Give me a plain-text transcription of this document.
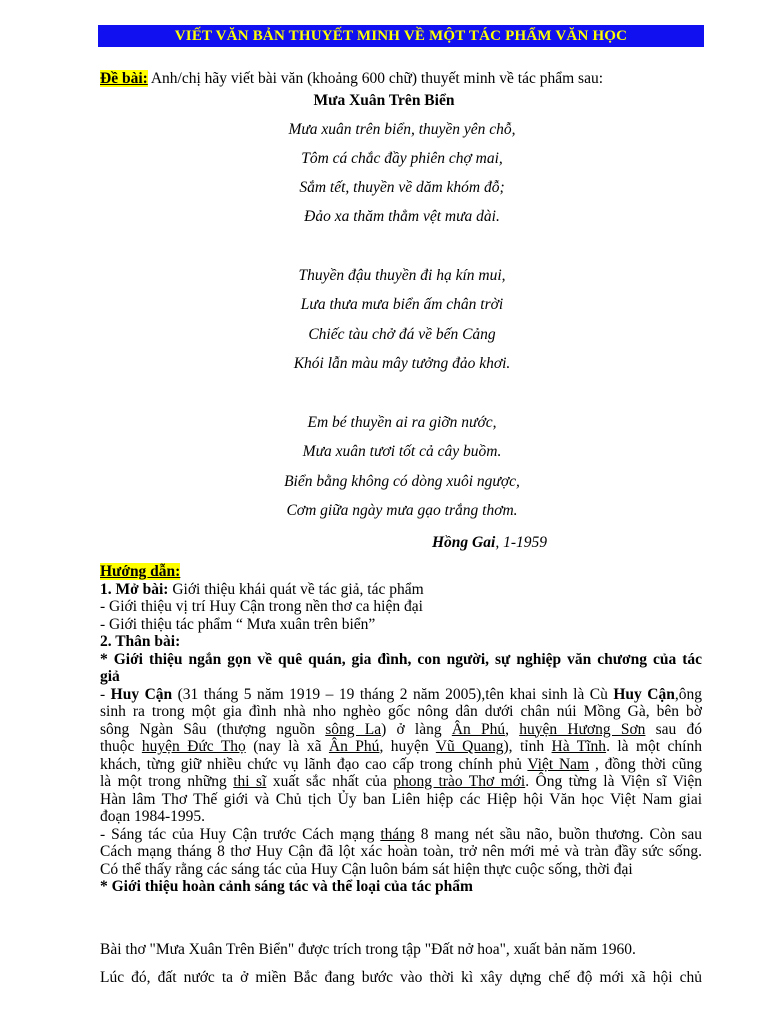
VIẾT VĂN BẢN THUYẾT MINH VỀ MỘT TÁC PHẨM VĂN HỌC
Đề bài: Anh/chị hãy viết bài văn (khoảng 600 chữ) thuyết minh về tác phẩm sau:
Mưa Xuân Trên Biển
Mưa xuân trên biển, thuyền yên chỗ,
Tôm cá chắc đầy phiên chợ mai,
Sắm tết, thuyền về dăm khóm đỗ;
Đảo xa thăm thẳm vệt mưa dài.
Thuyền đậu thuyền đi hạ kín mui,
Lưa thưa mưa biển ấm chân trời
Chiếc tàu chở đá về bến Cảng
Khói lẫn màu mây tưởng đảo khơi.
Em bé thuyền ai ra giỡn nước,
Mưa xuân tươi tốt cả cây buồm.
Biển bằng không có dòng xuôi ngược,
Cơm giữa ngày mưa gạo trắng thơm.
Hồng Gai, 1-1959
Hướng dẫn:
1. Mở bài: Giới thiệu khái quát về tác giả, tác phẩm
- Giới thiệu vị trí Huy Cận trong nền thơ ca hiện đại
- Giới thiệu tác phẩm “ Mưa xuân trên biển”
2. Thân bài:
* Giới thiệu ngắn gọn về quê quán, gia đình, con người, sự nghiệp văn chương của tác
giả
- Huy Cận (31 tháng 5 năm 1919 – 19 tháng 2 năm 2005),tên khai sinh là Cù Huy Cận,ông
sinh ra trong một gia đình nhà nho nghèo gốc nông dân dưới chân núi Mồng Gà, bên bờ
sông Ngàn Sâu (thượng nguồn sông La) ở làng Ân Phú, huyện Hương Sơn sau đó
thuộc huyện Đức Thọ (nay là xã Ân Phú, huyện Vũ Quang), tỉnh Hà Tĩnh. là một chính
khách, từng giữ nhiều chức vụ lãnh đạo cao cấp trong chính phủ Việt Nam , đồng thời cũng
là một trong những thi sĩ xuất sắc nhất của phong trào Thơ mới. Ông từng là Viện sĩ Viện
Hàn lâm Thơ Thế giới và Chủ tịch Ủy ban Liên hiệp các Hiệp hội Văn học Việt Nam giai
đoạn 1984-1995.
- Sáng tác của Huy Cận trước Cách mạng tháng 8 mang nét sầu não, buồn thương. Còn sau
Cách mạng tháng 8 thơ Huy Cận đã lột xác hoàn toàn, trở nên mới mẻ và tràn đầy sức sống.
Có thể thấy rằng các sáng tác của Huy Cận luôn bám sát hiện thực cuộc sống, thời đại
* Giới thiệu hoàn cảnh sáng tác và thể loại của tác phẩm
Bài thơ "Mưa Xuân Trên Biển" được trích trong tập "Đất nở hoa", xuất bản năm 1960.
Lúc đó, đất nước ta ở miền Bắc đang bước vào thời kì xây dựng chế độ mới xã hội chủ
